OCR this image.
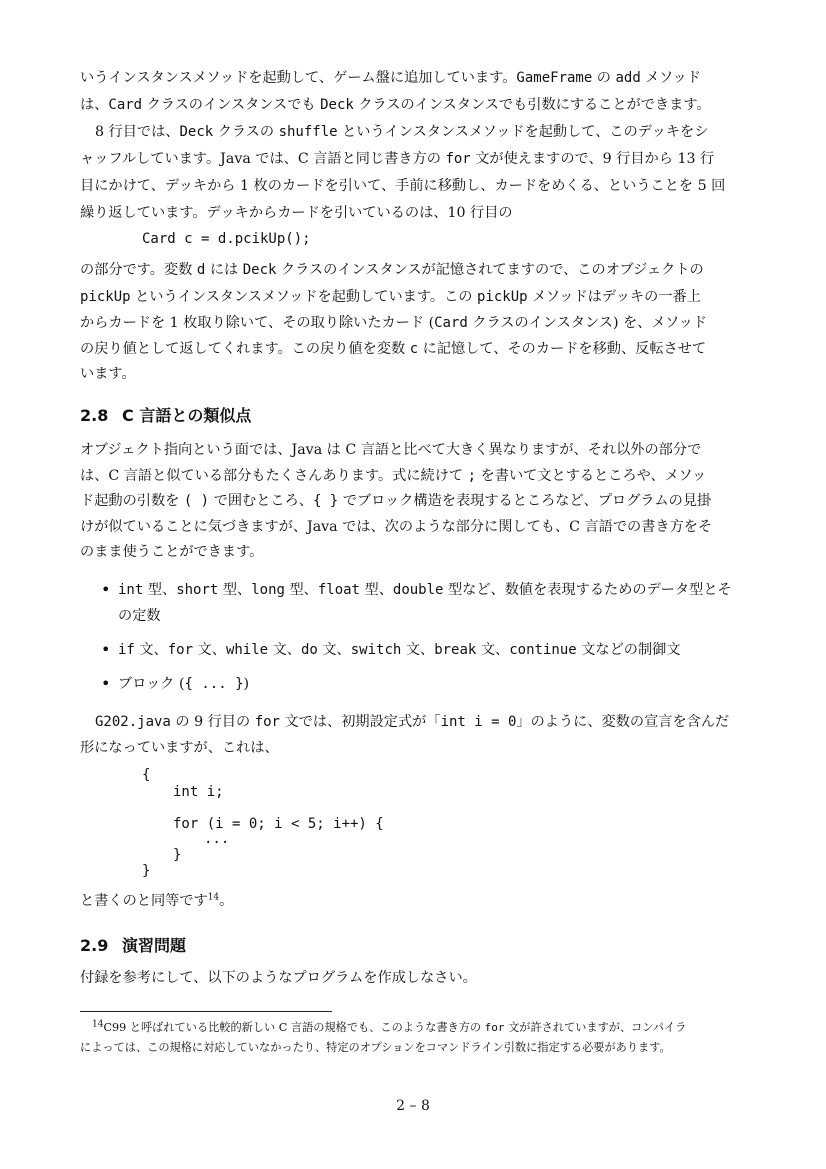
いうインスタンスメソッドを起動して、ゲーム盤に追加しています。GameFrame の add メソッド
は、Card クラスのインスタンスでも Deck クラスのインスタンスでも引数にすることができます。
8 行目では、Deck クラスの shuffle というインスタンスメソッドを起動して、このデッキをシ
ャッフルしています。Java では、C 言語と同じ書き方の for 文が使えますので、9 行目から 13 行
目にかけて、デッキから 1 枚のカードを引いて、手前に移動し、カードをめくる、ということを 5 回
繰り返しています。デッキからカードを引いているのは、10 行目の
Card c = d.pcikUp();
の部分です。変数 d には Deck クラスのインスタンスが記憶されてますので、このオブジェクトの
pickUp というインスタンスメソッドを起動しています。この pickUp メソッドはデッキの一番上
からカードを 1 枚取り除いて、その取り除いたカード (Card クラスのインスタンス) を、メソッド
の戻り値として返してくれます。この戻り値を変数 c に記憶して、そのカードを移動、反転させて
います。
2.8 C 言語との類似点
オブジェクト指向という面では、Java は C 言語と比べて大きく異なりますが、それ以外の部分で
は、C 言語と似ている部分もたくさんあります。式に続けて ; を書いて文とするところや、メソッ
ド起動の引数を ( ) で囲むところ、{ } でブロック構造を表現するところなど、プログラムの見掛
けが似ていることに気づきますが、Java では、次のような部分に関しても、C 言語での書き方をそ
のまま使うことができます。
• int 型、short 型、long 型、float 型、double 型など、数値を表現するためのデータ型とそ
の定数
• if 文、for 文、while 文、do 文、switch 文、break 文、continue 文などの制御文
• ブロック ({ ... })
G202.java の 9 行目の for 文では、初期設定式が「int i = 0」のように、変数の宣言を含んだ
形になっていますが、これは、
{
int i;
for (i = 0; i < 5; i++) {
...
}
}
と書くのと同等です$^{14}$。
2.9 演習問題
付録を参考にして、以下のようなプログラムを作成しなさい。
$^{14}$C99 と呼ばれている比較的新しい C 言語の規格でも、このような書き方の for 文が許されていますが、コンパイラ
によっては、この規格に対応していなかったり、特定のオプションをコマンドライン引数に指定する必要があります。
2 – 8
